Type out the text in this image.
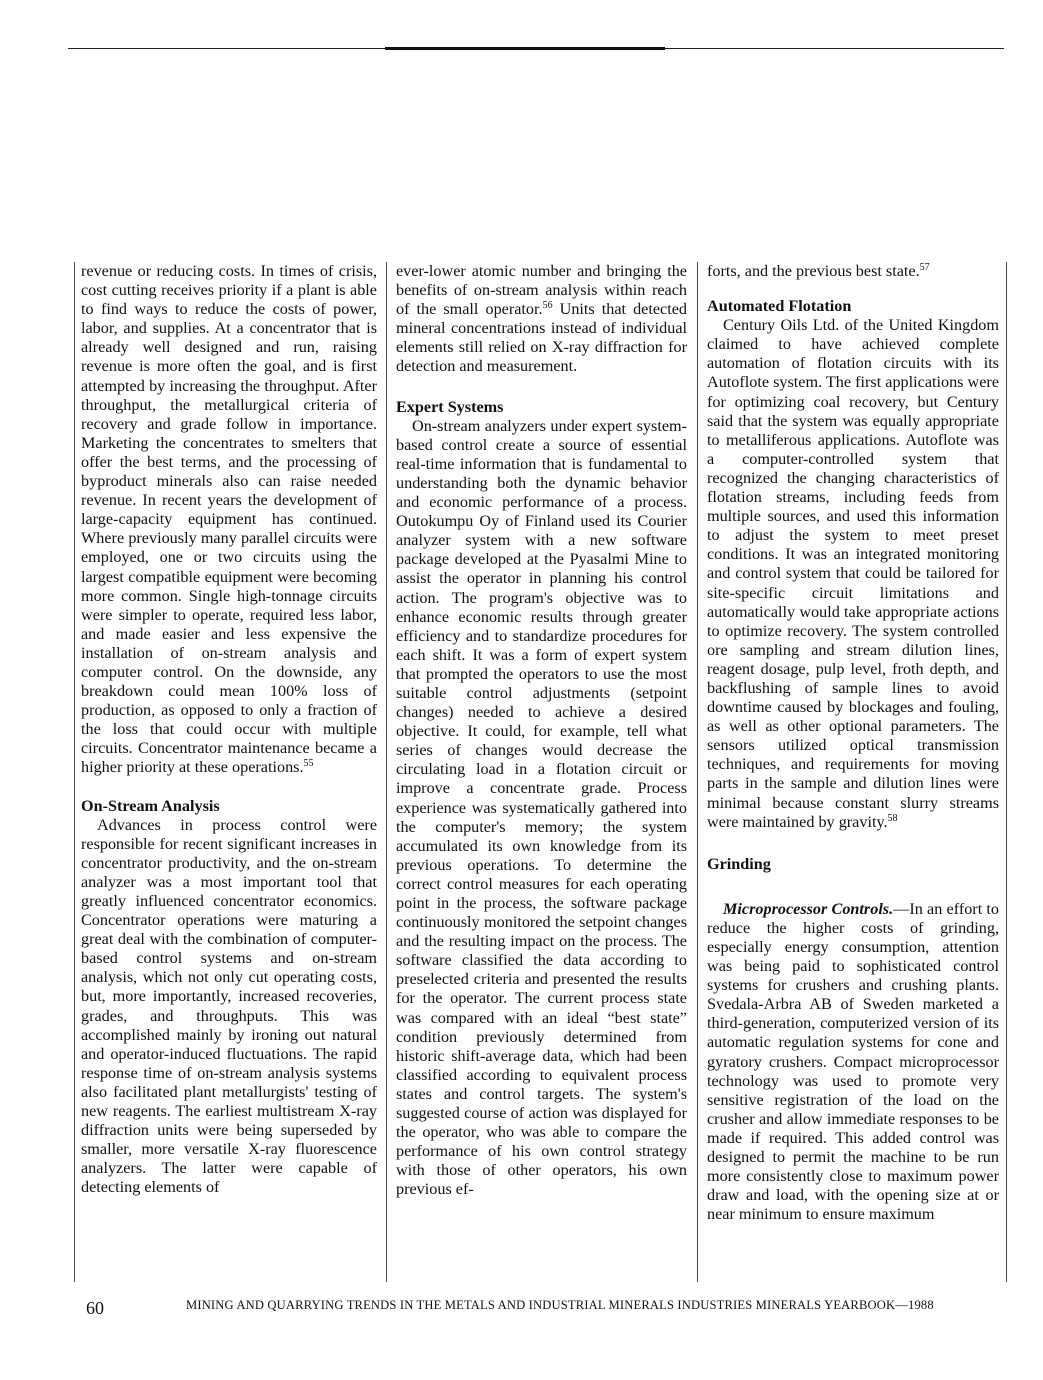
revenue or reducing costs. In times of crisis, cost cutting receives priority if a plant is able to find ways to reduce the costs of power, labor, and supplies. At a concentrator that is already well designed and run, raising revenue is more often the goal, and is first attempted by increasing the throughput. After throughput, the metallurgical criteria of recovery and grade follow in importance. Marketing the concentrates to smelters that offer the best terms, and the processing of byproduct minerals also can raise needed revenue. In recent years the development of large-capacity equipment has continued. Where previously many parallel circuits were employed, one or two circuits using the largest compatible equipment were becoming more common. Single high-tonnage circuits were simpler to operate, required less labor, and made easier and less expensive the installation of on-stream analysis and computer control. On the downside, any breakdown could mean 100% loss of production, as opposed to only a fraction of the loss that could occur with multiple circuits. Concentrator maintenance became a higher priority at these operations.$^{55}$

On-Stream Analysis

Advances in process control were responsible for recent significant increases in concentrator productivity, and the on-stream analyzer was a most important tool that greatly influenced concentrator economics. Concentrator operations were maturing a great deal with the combination of computer-based control systems and on-stream analysis, which not only cut operating costs, but, more importantly, increased recoveries, grades, and throughputs. This was accomplished mainly by ironing out natural and operator-induced fluctuations. The rapid response time of on-stream analysis systems also facilitated plant metallurgists' testing of new reagents. The earliest multistream X-ray diffraction units were being superseded by smaller, more versatile X-ray fluorescence analyzers. The latter were capable of detecting elements of

ever-lower atomic number and bringing the benefits of on-stream analysis within reach of the small operator.$^{56}$ Units that detected mineral concentrations instead of individual elements still relied on X-ray diffraction for detection and measurement.

Expert Systems

On-stream analyzers under expert system-based control create a source of essential real-time information that is fundamental to understanding both the dynamic behavior and economic performance of a process. Outokumpu Oy of Finland used its Courier analyzer system with a new software package developed at the Pyasalmi Mine to assist the operator in planning his control action. The program's objective was to enhance economic results through greater efficiency and to standardize procedures for each shift. It was a form of expert system that prompted the operators to use the most suitable control adjustments (setpoint changes) needed to achieve a desired objective. It could, for example, tell what series of changes would decrease the circulating load in a flotation circuit or improve a concentrate grade. Process experience was systematically gathered into the computer's memory; the system accumulated its own knowledge from its previous operations. To determine the correct control measures for each operating point in the process, the software package continuously monitored the setpoint changes and the resulting impact on the process. The software classified the data according to preselected criteria and presented the results for the operator. The current process state was compared with an ideal “best state” condition previously determined from historic shift-average data, which had been classified according to equivalent process states and control targets. The system's suggested course of action was displayed for the operator, who was able to compare the performance of his own control strategy with those of other operators, his own previous ef-

forts, and the previous best state.$^{57}$

Automated Flotation

Century Oils Ltd. of the United Kingdom claimed to have achieved complete automation of flotation circuits with its Autoflote system. The first applications were for optimizing coal recovery, but Century said that the system was equally appropriate to metalliferous applications. Autoflote was a computer-controlled system that recognized the changing characteristics of flotation streams, including feeds from multiple sources, and used this information to adjust the system to meet preset conditions. It was an integrated monitoring and control system that could be tailored for site-specific circuit limitations and automatically would take appropriate actions to optimize recovery. The system controlled ore sampling and stream dilution lines, reagent dosage, pulp level, froth depth, and backflushing of sample lines to avoid downtime caused by blockages and fouling, as well as other optional parameters. The sensors utilized optical transmission techniques, and requirements for moving parts in the sample and dilution lines were minimal because constant slurry streams were maintained by gravity.$^{58}$

Grinding

Microprocessor Controls.—In an effort to reduce the higher costs of grinding, especially energy consumption, attention was being paid to sophisticated control systems for crushers and crushing plants. Svedala-Arbra AB of Sweden marketed a third-generation, computerized version of its automatic regulation systems for cone and gyratory crushers. Compact microprocessor technology was used to promote very sensitive registration of the load on the crusher and allow immediate responses to be made if required. This added control was designed to permit the machine to be run more consistently close to maximum power draw and load, with the opening size at or near minimum to ensure maximum

60	MINING AND QUARRYING TRENDS IN THE METALS AND INDUSTRIAL MINERALS INDUSTRIES MINERALS YEARBOOK—1988
